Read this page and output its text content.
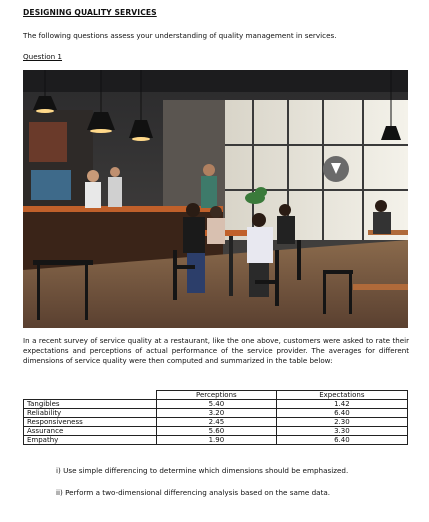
DESIGNING QUALITY SERVICES
The following questions assess your understanding of quality management in services.
Question 1
In a recent survey of service quality at a restaurant, like the one above, customers were asked to rate their expectations and perceptions of actual performance of the service provider. The averages for different dimensions of service quality were then computed and summarized in the table below:
	Perceptions	Expectations
Tangibles	5.40	1.42
Reliability	3.20	6.40
Responsiveness	2.45	2.30
Assurance	5.60	3.30
Empathy	1.90	6.40
i) Use simple differencing to determine which dimensions should be emphasized.
ii) Perform a two-dimensional differencing analysis based on the same data.
